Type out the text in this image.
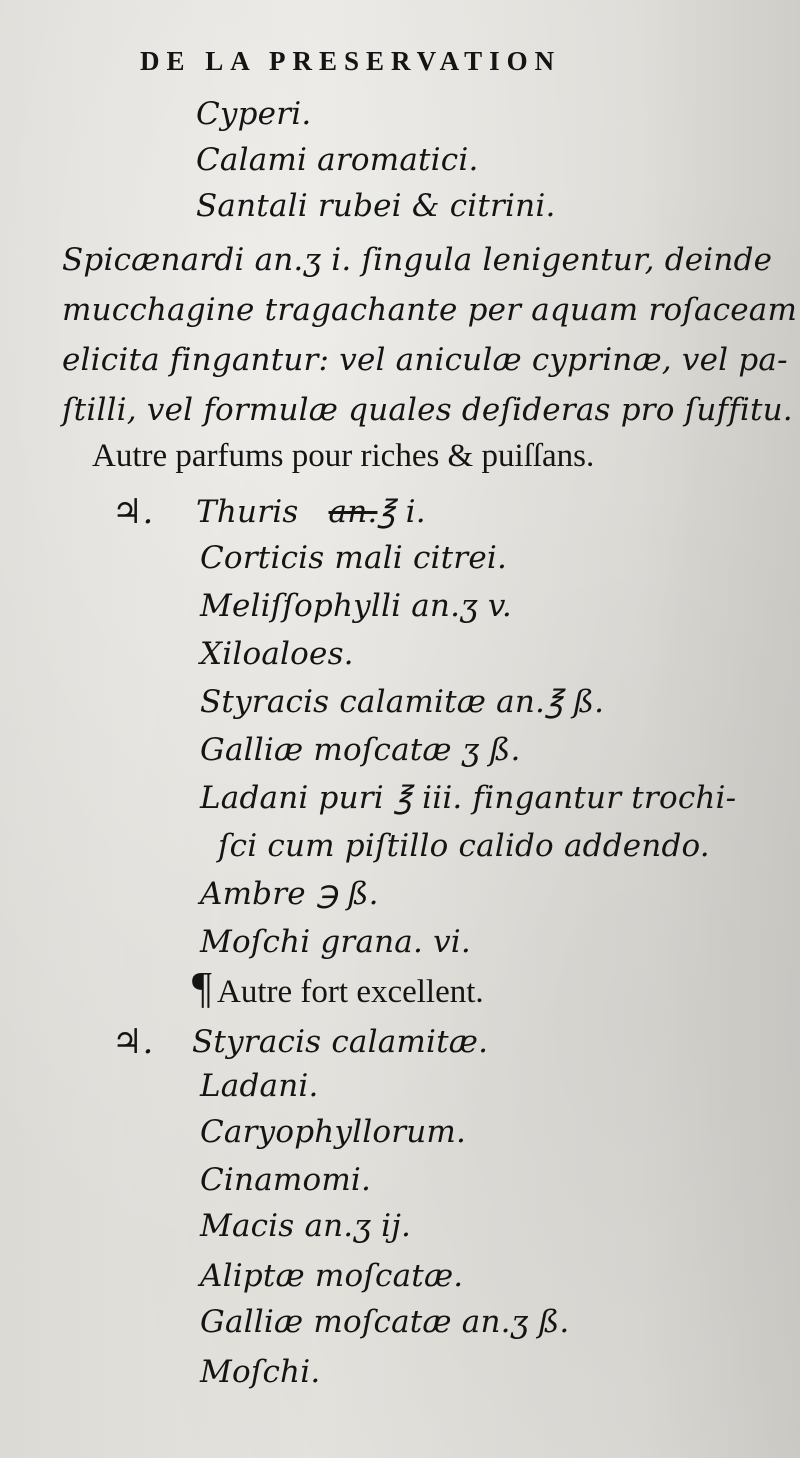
DE LA PRESERVATION
Cyperi.
Calami aromatici.
Santali rubei & citrini.
Spicænardi an.ʒ i. ſingula lenigentur, deinde
mucchagine tragachante per aquam roſaceam
elicita fingantur: vel aniculæ cyprinæ, vel pa-
ſtilli, vel formulæ quales deſideras pro ſuffitu.
Autre parfums pour riches & puiſſans.
♃. Thuris an.℥ i.
Corticis mali citrei.
Meliſſophylli an.ʒ v.
Xiloaloes.
Styracis calamitæ an.℥ ß.
Galliæ moſcatæ ʒ ß.
Ladani puri ℥ iii. fingantur trochi-
ſci cum piſtillo calido addendo.
Ambre ℈ ß.
Moſchi grana. vi.
¶ Autre fort excellent.
♃. Styracis calamitæ.
Ladani.
Caryophyllorum.
Cinamomi.
Macis an.ʒ ij.
Aliptæ moſcatæ.
Galliæ moſcatæ an.ʒ ß.
Moſchi.
